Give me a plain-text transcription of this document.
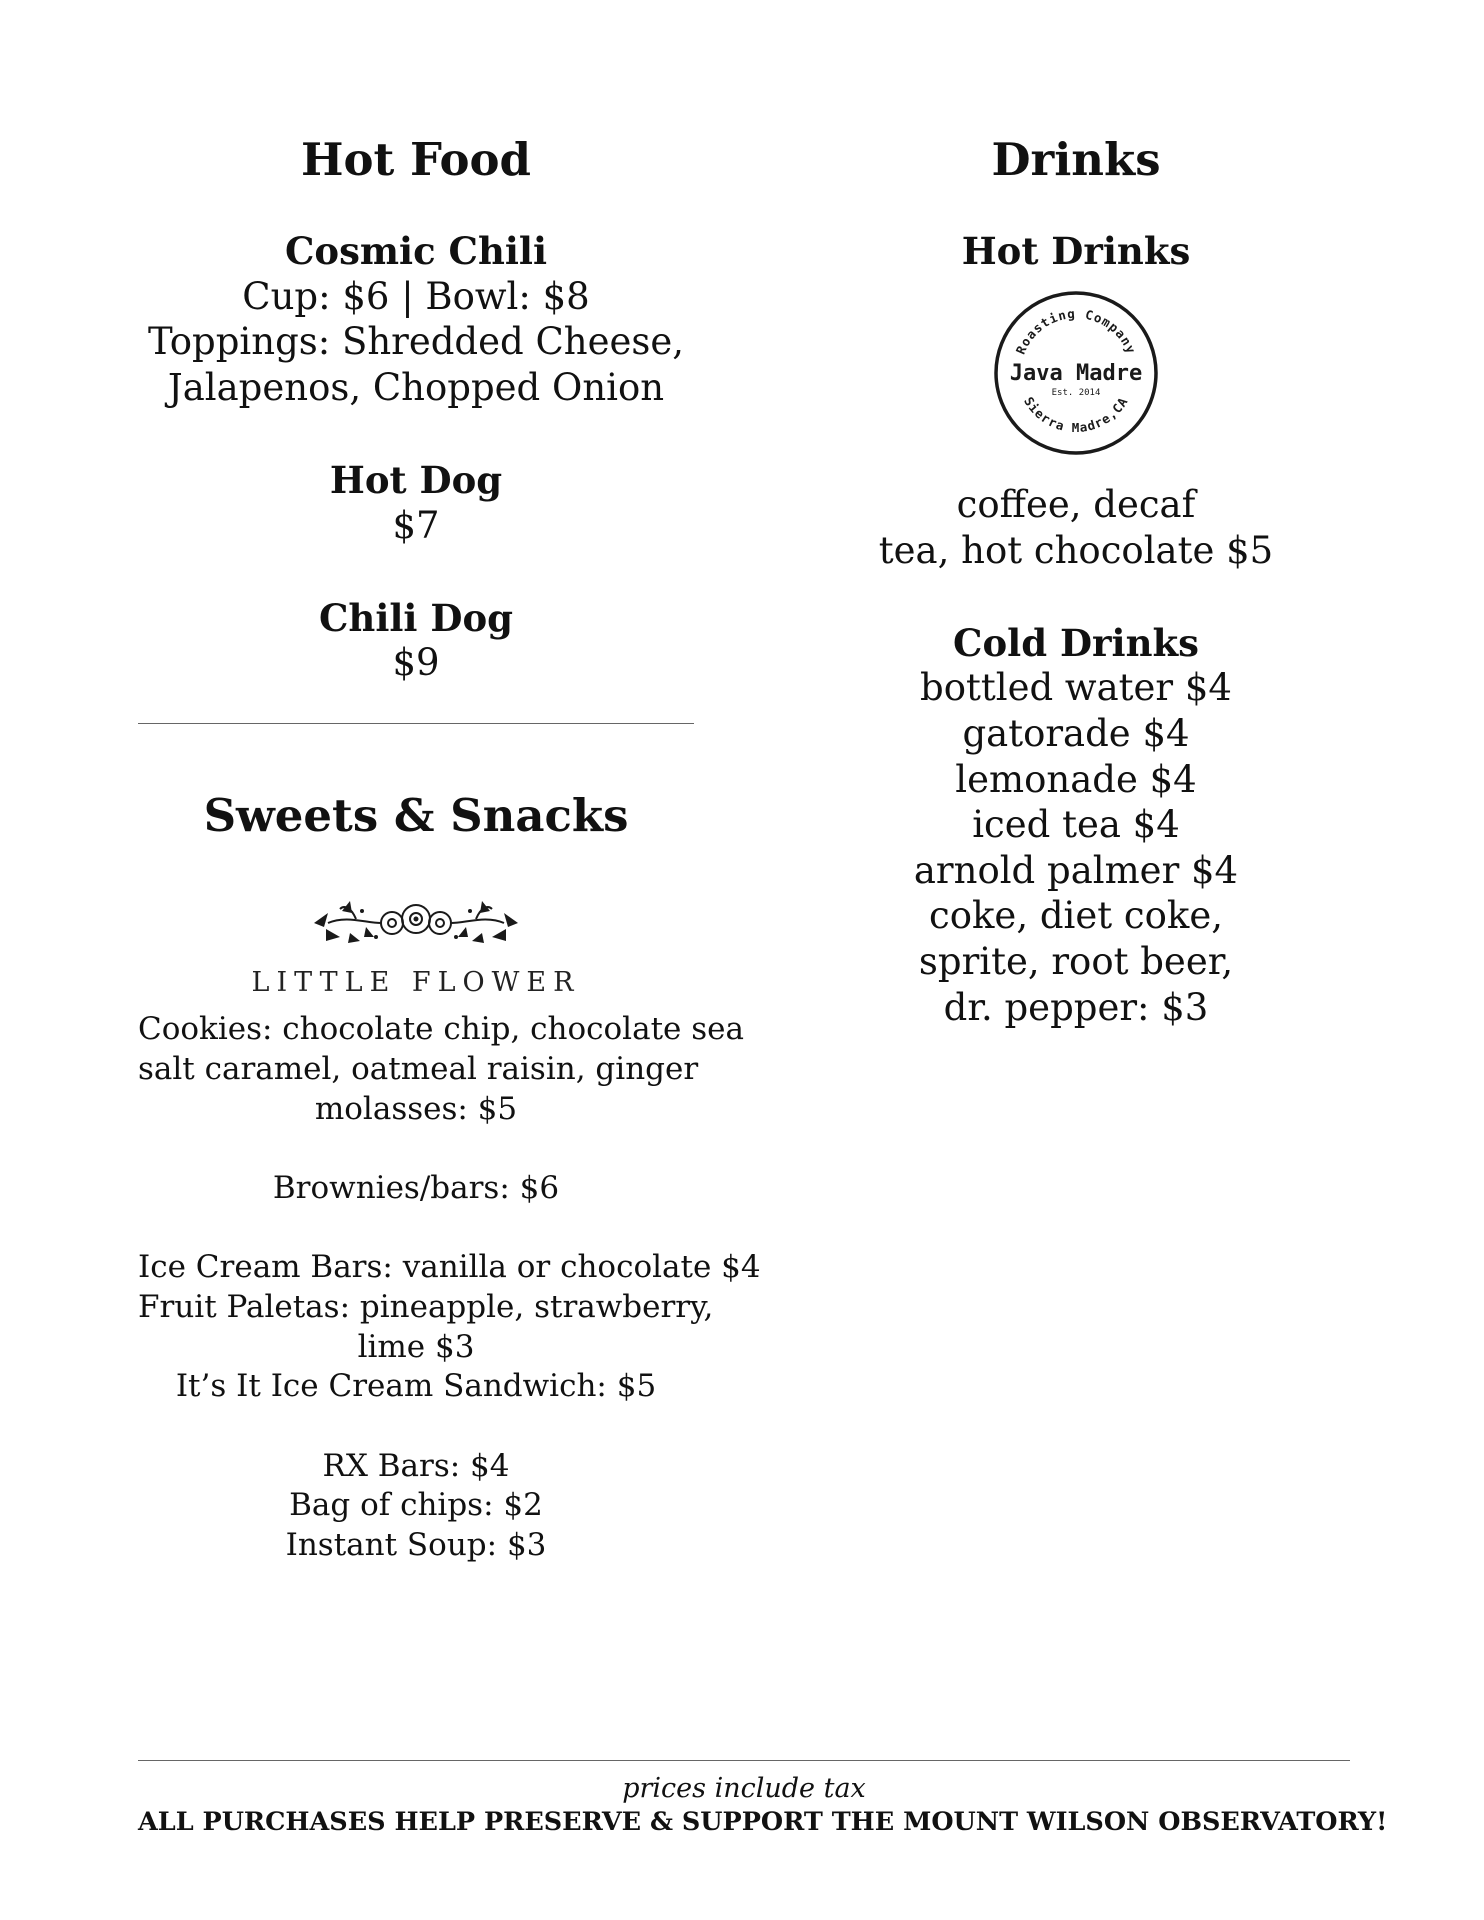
Hot Food
Cosmic Chili
Cup: $6 | Bowl: $8
Toppings: Shredded Cheese,
Jalapenos, Chopped Onion
Hot Dog
$7
Chili Dog
$9
Sweets & Snacks
LITTLE FLOWER
Cookies: chocolate chip, chocolate sea
salt caramel, oatmeal raisin, ginger
molasses: $5
Brownies/bars: $6
Ice Cream Bars: vanilla or chocolate $4
Fruit Paletas: pineapple, strawberry,
lime $3
It’s It Ice Cream Sandwich: $5
RX Bars: $4
Bag of chips: $2
Instant Soup: $3
Drinks
Hot Drinks
Roasting Company
Java Madre
Est. 2014
Sierra Madre,CA
coffee, decaf
tea, hot chocolate $5
Cold Drinks
bottled water $4
gatorade $4
lemonade $4
iced tea $4
arnold palmer $4
coke, diet coke,
sprite, root beer,
dr. pepper: $3
prices include tax
ALL PURCHASES HELP PRESERVE & SUPPORT THE MOUNT WILSON OBSERVATORY!
